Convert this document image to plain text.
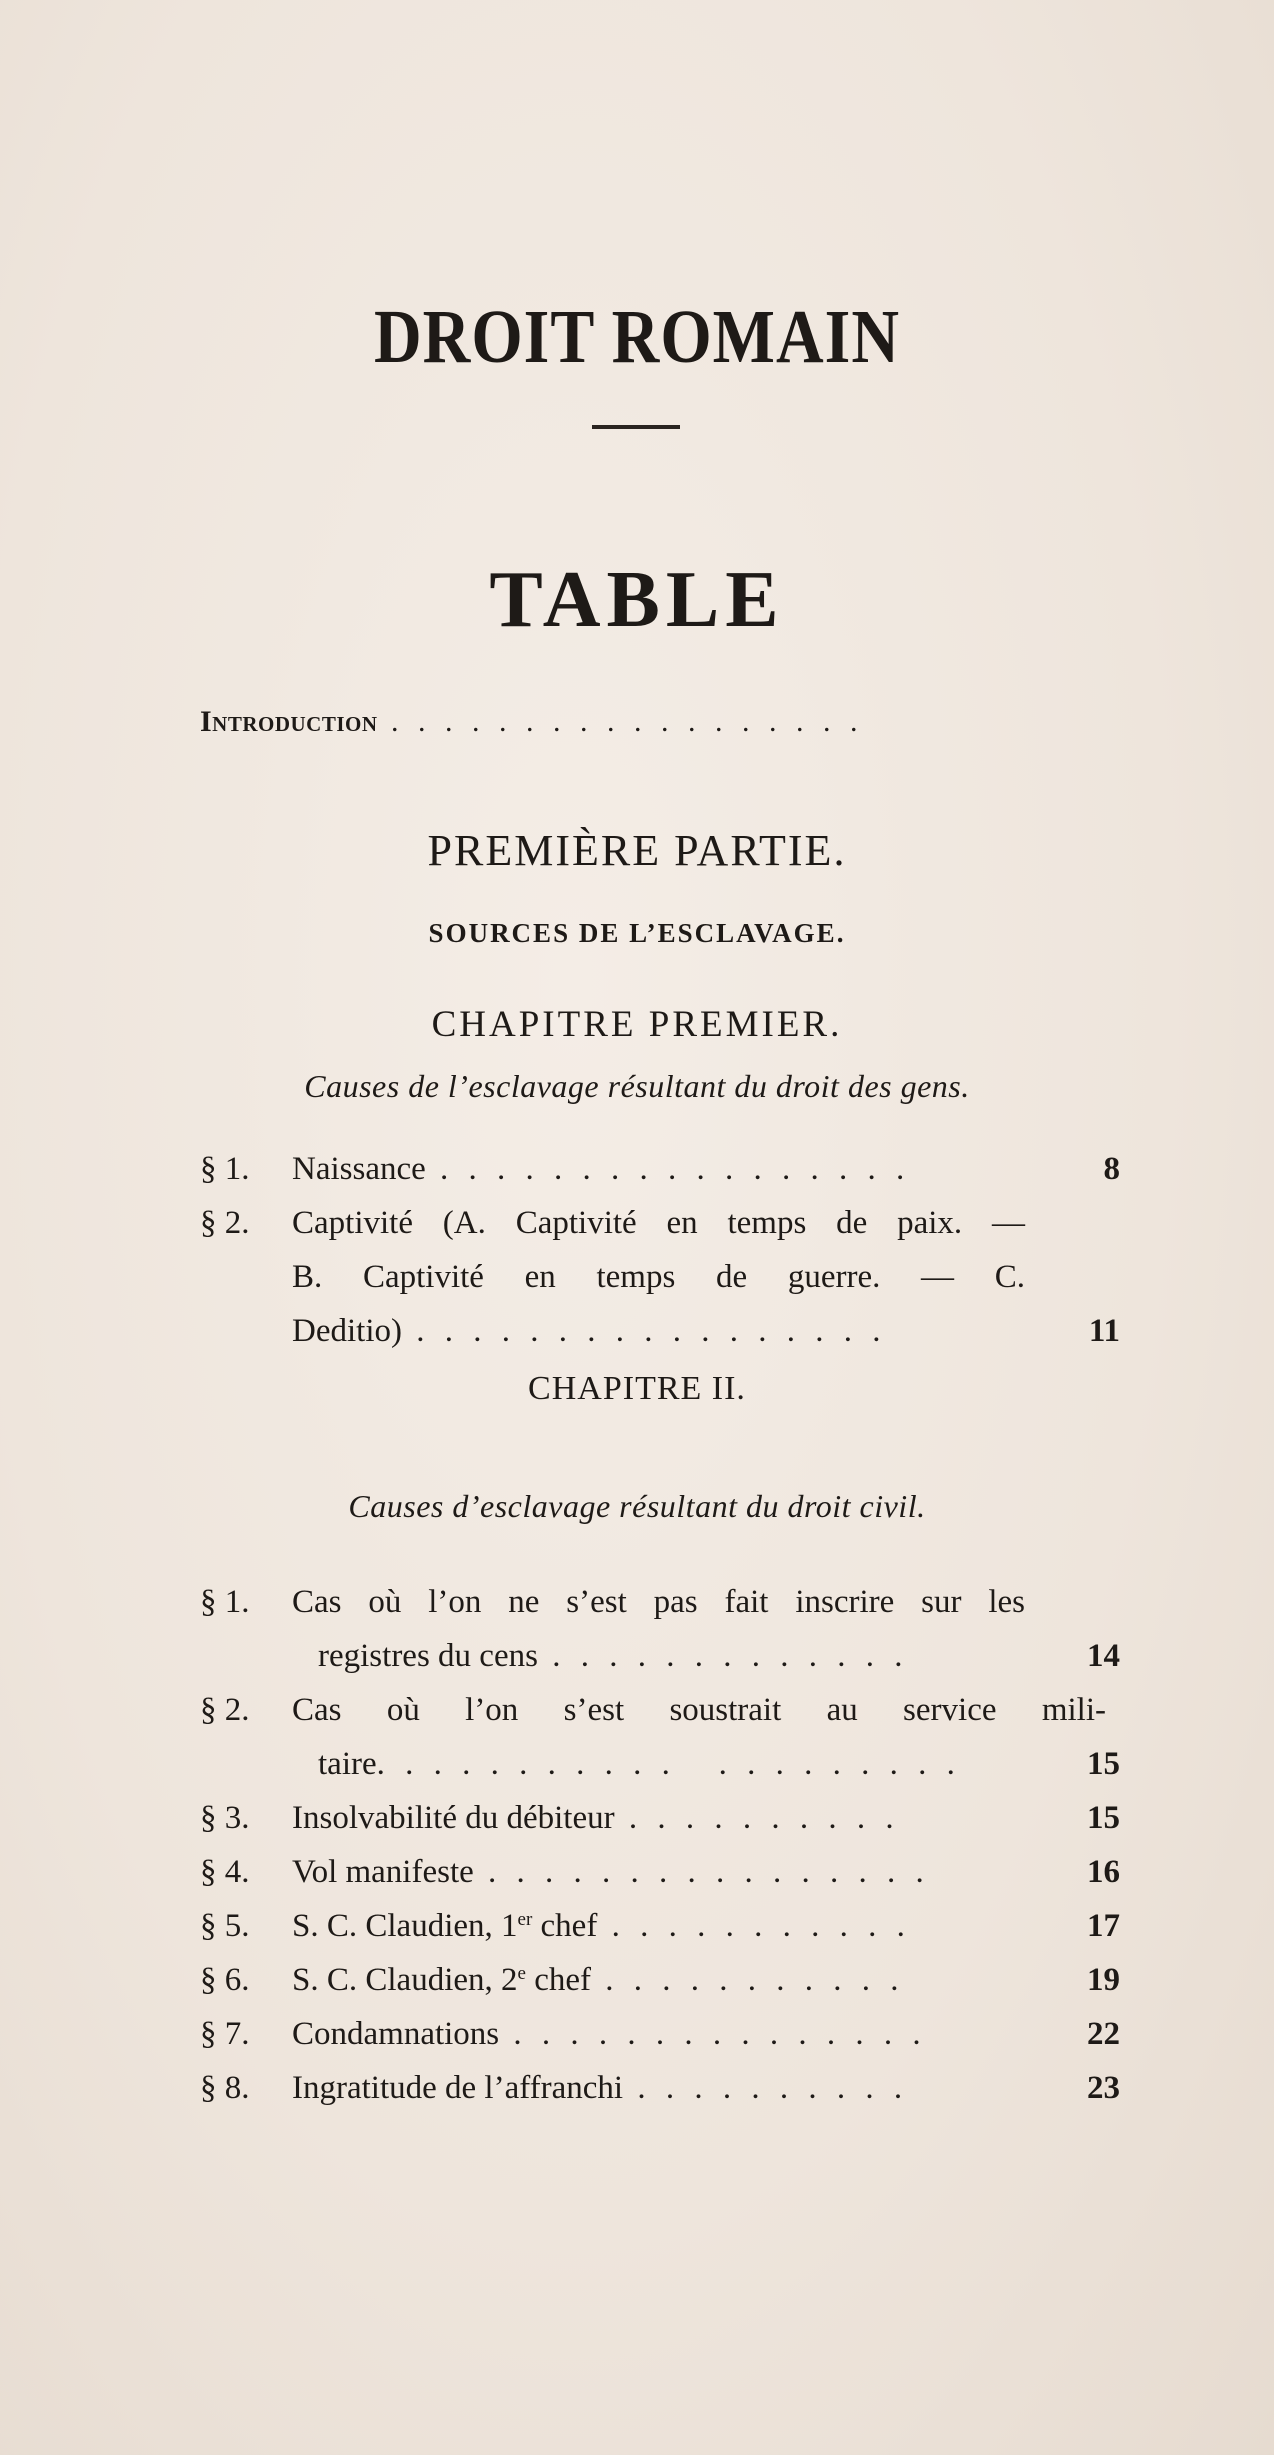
DROIT ROMAIN
TABLE
Introduction . . . . . . . . . . . . . . . . . .
PREMIÈRE PARTIE.
SOURCES DE L’ESCLAVAGE.
CHAPITRE PREMIER.
Causes de l’esclavage résultant du droit des gens.
§ 1. Naissance . . . . . . . . . . . . . . . . .	8
§ 2. Captivité (A. Captivité en temps de paix. —
B. Captivité en temps de guerre. — C.
Deditio) . . . . . . . . . . . . . . . . .	11
CHAPITRE II.
Causes d’esclavage résultant du droit civil.
§ 1. Cas où l’on ne s’est pas fait inscrire sur les
registres du cens . . . . . . . . . . . . .	14
§ 2. Cas où l’on s’est soustrait au service mili-
taire. . . . . . . . . . .   . . . . . . . . .	15
§ 3. Insolvabilité du débiteur . . . . . . . . . .	15
§ 4. Vol manifeste . . . . . . . . . . . . . . . .	16
§ 5. S. C. Claudien, 1er chef . . . . . . . . . . .	17
§ 6. S. C. Claudien, 2e chef . . . . . . . . . . .	19
§ 7. Condamnations . . . . . . . . . . . . . . .	22
§ 8. Ingratitude de l’affranchi . . . . . . . . . .	23
